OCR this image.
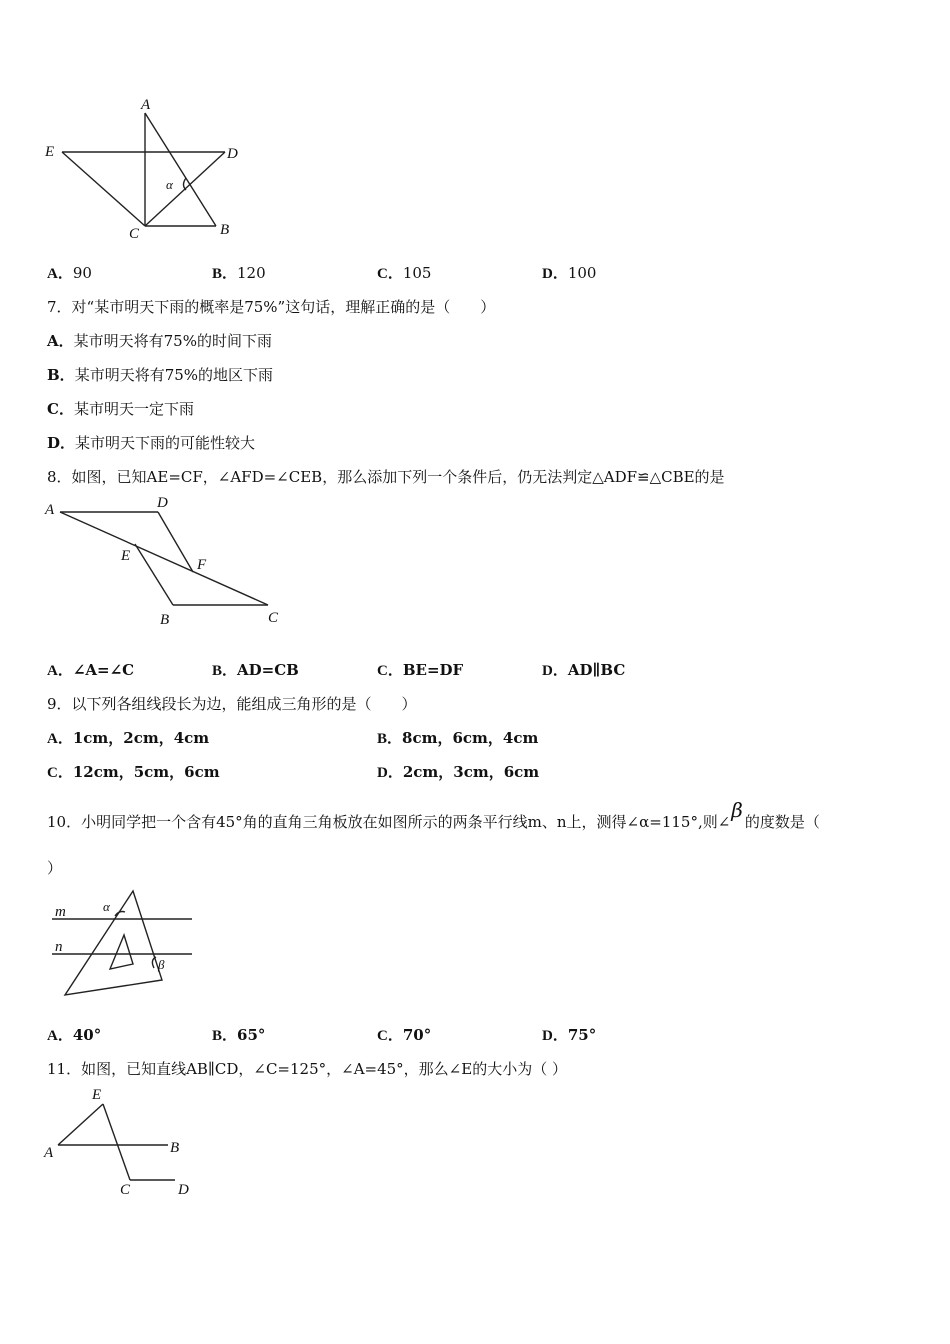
A
E	D
C	B
α
A．90	B．120	C．105	D．100
7．对“某市明天下雨的概率是75%”这句话，理解正确的是（　　）
A．某市明天将有75%的时间下雨
B．某市明天将有75%的地区下雨
C．某市明天一定下雨
D．某市明天下雨的可能性较大
8．如图，已知AE=CF，∠AFD=∠CEB，那么添加下列一个条件后，仍无法判定△ADF≌△CBE的是
A	D
E
F
B	C
A．∠A=∠C	B．AD=CB	C．BE=DF	D．AD∥BC
9．以下列各组线段长为边，能组成三角形的是（　　）
A．1cm，2cm，4cm	B．8cm，6cm，4cm
C．12cm，5cm，6cm	D．2cm，3cm，6cm
10．小明同学把一个含有45°角的直角三角板放在如图所示的两条平行线m、n上，测得∠α=115°,则∠β 的度数是（
）
m
n
α
β
A．40°	B．65°	C．70°	D．75°
11．如图，已知直线AB∥CD，∠C=125°，∠A=45°，那么∠E的大小为（ ）
E
A	B
C	D
